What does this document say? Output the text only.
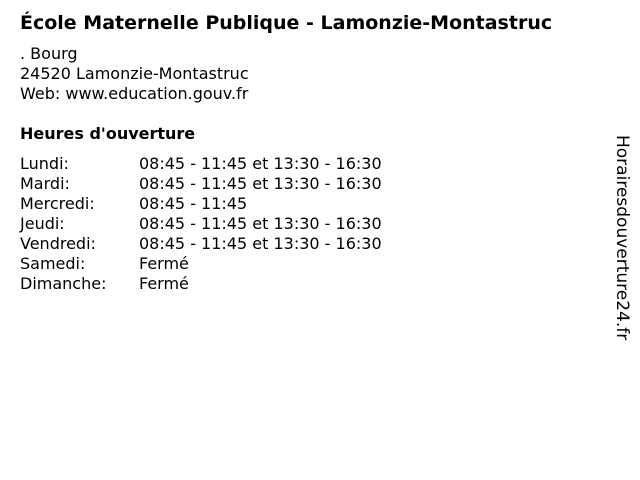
École Maternelle Publique - Lamonzie-Montastruc
. Bourg
24520 Lamonzie-Montastruc
Web: www.education.gouv.fr
Heures d'ouverture
Lundi:	08:45 - 11:45 et 13:30 - 16:30
Mardi:	08:45 - 11:45 et 13:30 - 16:30
Mercredi:	08:45 - 11:45
Jeudi:	08:45 - 11:45 et 13:30 - 16:30
Vendredi:	08:45 - 11:45 et 13:30 - 16:30
Samedi:	Fermé
Dimanche:	Fermé	Horairesdouverture24.fr
